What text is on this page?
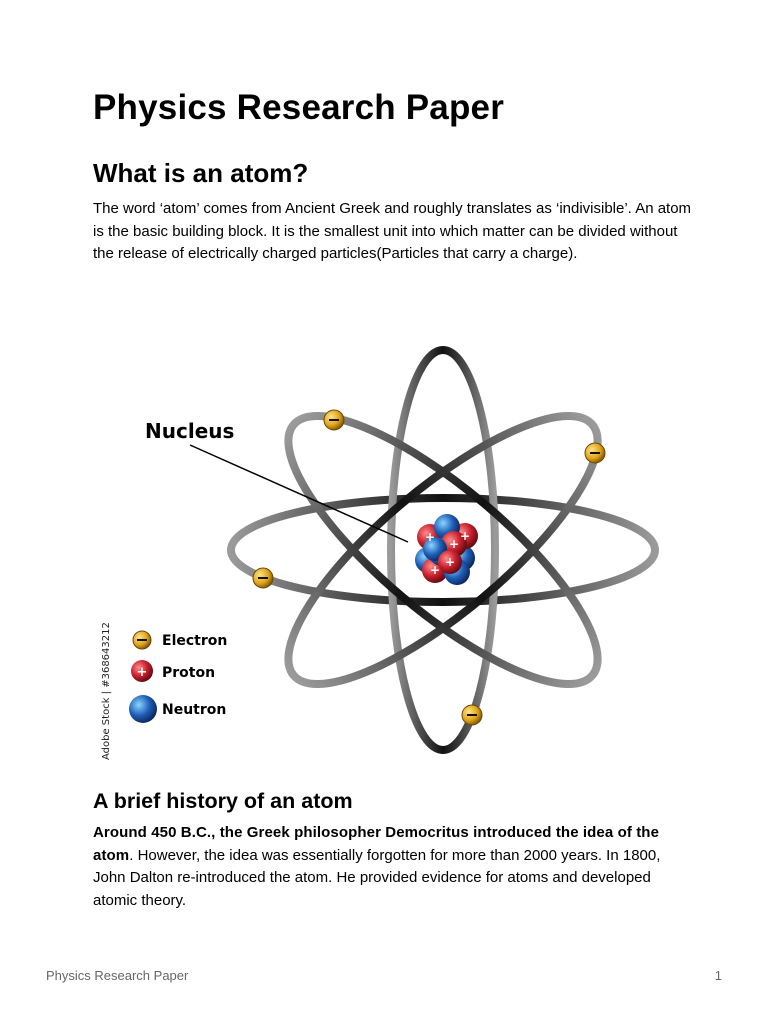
Physics Research Paper
What is an atom?

The word ‘atom’ comes from Ancient Greek and roughly translates as ‘indivisible’. An atom is the basic building block. It is the smallest unit into which matter can be divided without the release of electrically charged particles(Particles that carry a charge).

+ +
+
+
+
Nucleus
Electron
+ Proton
Neutron
Adobe Stock | #368643212
A brief history of an atom

Around 450 B.C., the Greek philosopher Democritus introduced the idea of the atom. However, the idea was essentially forgotten for more than 2000 years. In 1800, John Dalton re-introduced the atom. He provided evidence for atoms and developed atomic theory.

Physics Research Paper	1
